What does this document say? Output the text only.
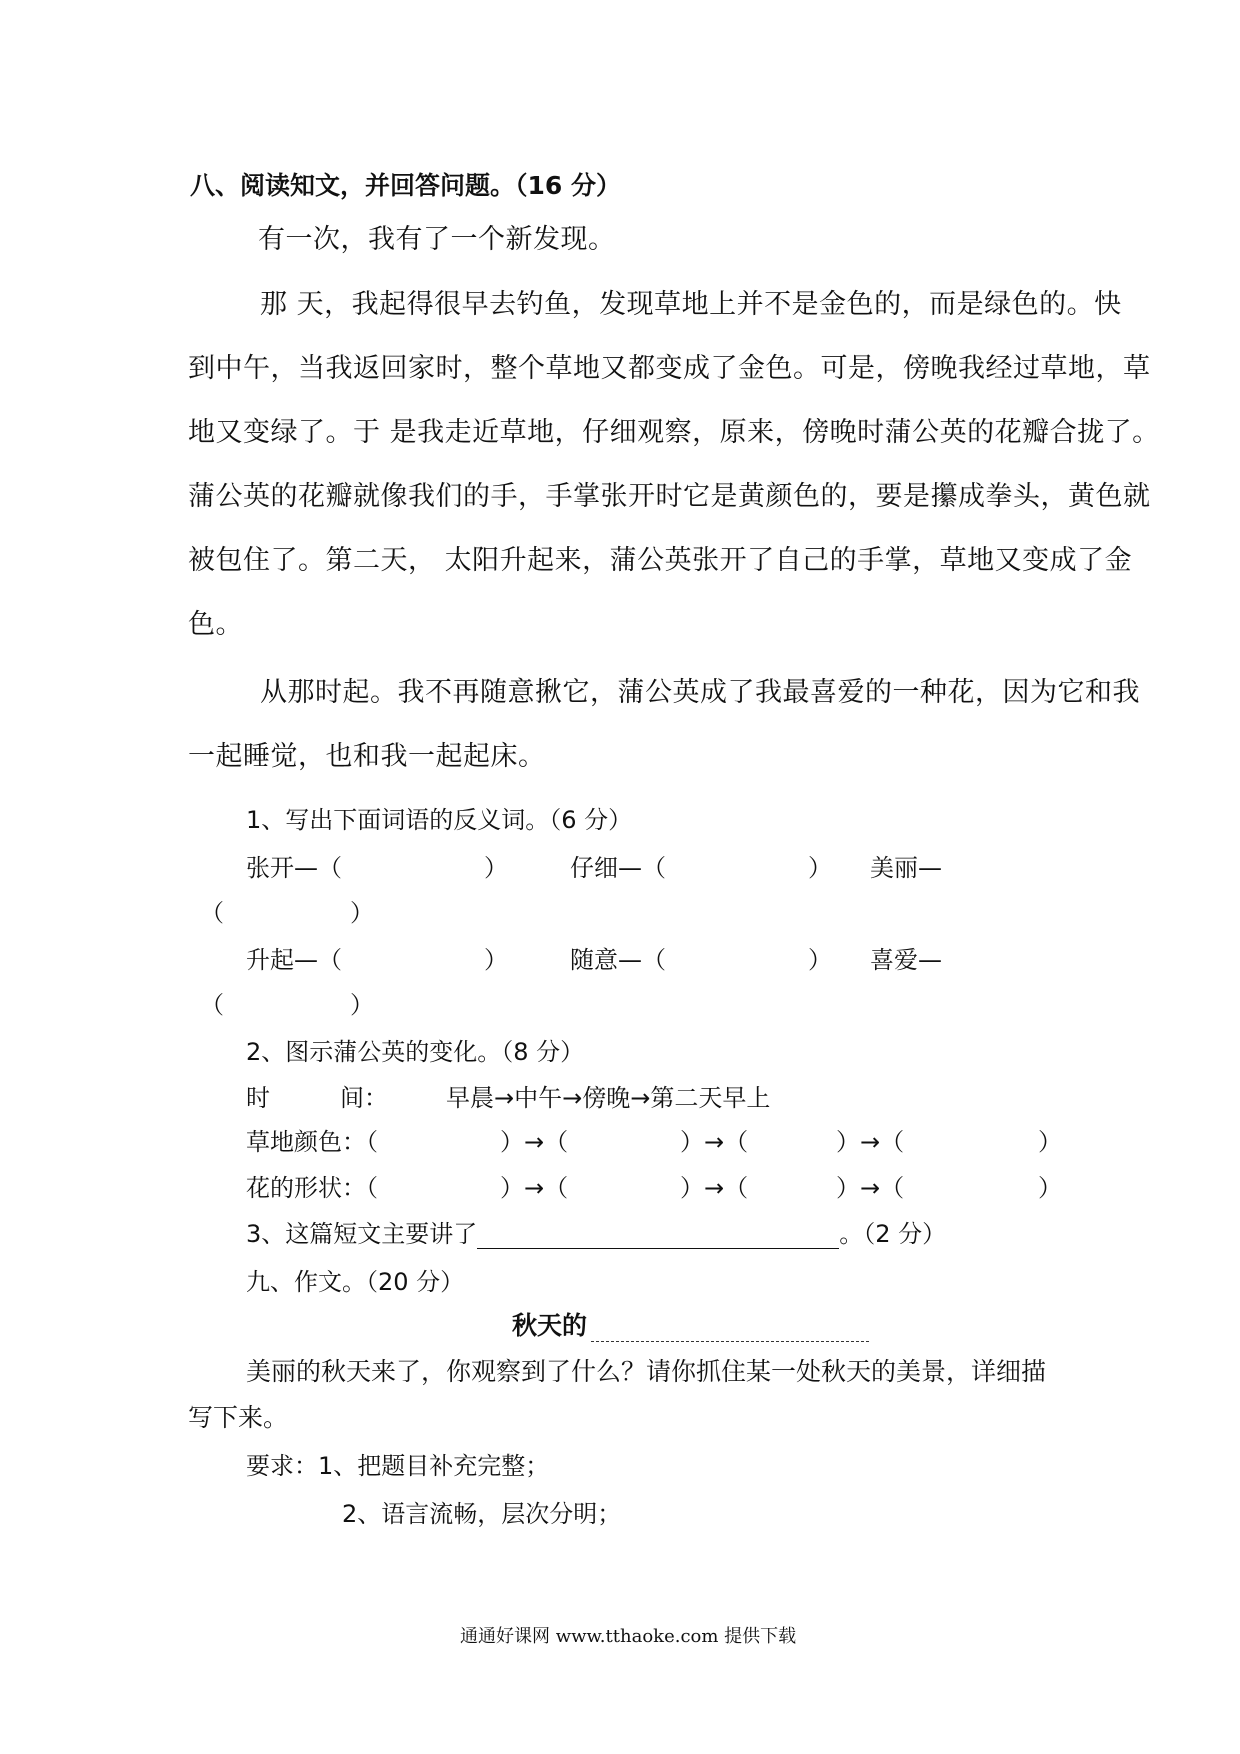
八、阅读知文，并回答问题。（16 分）
有一次，我有了一个新发现。
那 天，我起得很早去钓鱼，发现草地上并不是金色的，而是绿色的。快
到中午，当我返回家时，整个草地又都变成了金色。可是，傍晚我经过草地，草
地又变绿了。于 是我走近草地，仔细观察，原来，傍晚时蒲公英的花瓣合拢了。
蒲公英的花瓣就像我们的手，手掌张开时它是黄颜色的，要是攥成拳头，黄色就
被包住了。第二天， 太阳升起来，蒲公英张开了自己的手掌，草地又变成了金
色。
从那时起。我不再随意揪它，蒲公英成了我最喜爱的一种花，因为它和我
一起睡觉，也和我一起起床。
1、写出下面词语的反义词。（6 分）
张开—（	）	仔细—（	） 美丽—
（	）
升起—（	）	随意—（	） 喜爱—
（	）
2、图示蒲公英的变化。（8 分）
时	间： 早晨→中午→傍晚→第二天早上
草地颜色：（	）→（	）→（	）→（	）
花的形状：（	）→（	）→（	）→（	）
3、这篇短文主要讲了	。（2 分）
九、作文。（20 分）
秋天的
美丽的秋天来了，你观察到了什么？请你抓住某一处秋天的美景，详细描
写下来。
要求：1、把题目补充完整；
2、语言流畅，层次分明；
通通好课网 www.tthaoke.com 提供下载
